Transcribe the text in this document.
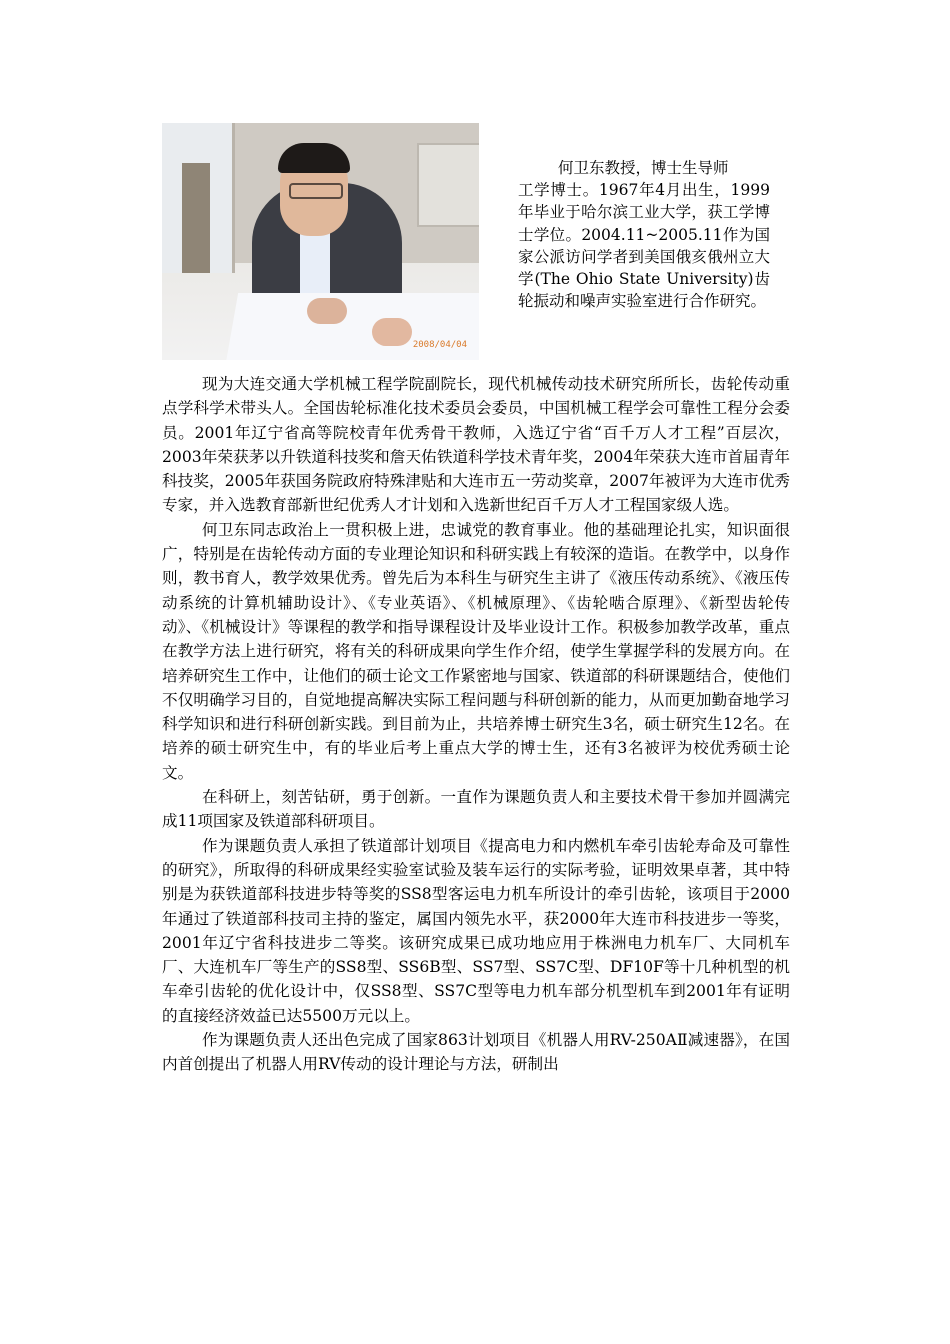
2008/04/04

何卫东教授，博士生导师

工学博士。1967年4月出生，1999年毕业于哈尔滨工业大学，获工学博士学位。2004.11~2005.11作为国家公派访问学者到美国俄亥俄州立大学(The Ohio State University)齿轮振动和噪声实验室进行合作研究。

现为大连交通大学机械工程学院副院长，现代机械传动技术研究所所长，齿轮传动重点学科学术带头人。全国齿轮标准化技术委员会委员，中国机械工程学会可靠性工程分会委员。2001年辽宁省高等院校青年优秀骨干教师，入选辽宁省“百千万人才工程”百层次，2003年荣获茅以升铁道科技奖和詹天佑铁道科学技术青年奖，2004年荣获大连市首届青年科技奖，2005年获国务院政府特殊津贴和大连市五一劳动奖章，2007年被评为大连市优秀专家，并入选教育部新世纪优秀人才计划和入选新世纪百千万人才工程国家级人选。

何卫东同志政治上一贯积极上进，忠诚党的教育事业。他的基础理论扎实，知识面很广，特别是在齿轮传动方面的专业理论知识和科研实践上有较深的造诣。在教学中，以身作则，教书育人，教学效果优秀。曾先后为本科生与研究生主讲了《液压传动系统》、《液压传动系统的计算机辅助设计》、《专业英语》、《机械原理》、《齿轮啮合原理》、《新型齿轮传动》、《机械设计》等课程的教学和指导课程设计及毕业设计工作。积极参加教学改革，重点在教学方法上进行研究，将有关的科研成果向学生作介绍，使学生掌握学科的发展方向。在培养研究生工作中，让他们的硕士论文工作紧密地与国家、铁道部的科研课题结合，使他们不仅明确学习目的，自觉地提高解决实际工程问题与科研创新的能力，从而更加勤奋地学习科学知识和进行科研创新实践。到目前为止，共培养博士研究生3名，硕士研究生12名。在培养的硕士研究生中，有的毕业后考上重点大学的博士生，还有3名被评为校优秀硕士论文。

在科研上，刻苦钻研，勇于创新。一直作为课题负责人和主要技术骨干参加并圆满完成11项国家及铁道部科研项目。

作为课题负责人承担了铁道部计划项目《提高电力和内燃机车牵引齿轮寿命及可靠性的研究》，所取得的科研成果经实验室试验及装车运行的实际考验，证明效果卓著，其中特别是为获铁道部科技进步特等奖的SS8型客运电力机车所设计的牵引齿轮，该项目于2000年通过了铁道部科技司主持的鉴定，属国内领先水平，获2000年大连市科技进步一等奖，2001年辽宁省科技进步二等奖。该研究成果已成功地应用于株洲电力机车厂、大同机车厂、大连机车厂等生产的SS8型、SS6B型、SS7型、SS7C型、DF10F等十几种机型的机车牵引齿轮的优化设计中，仅SS8型、SS7C型等电力机车部分机型机车到2001年有证明的直接经济效益已达5500万元以上。

作为课题负责人还出色完成了国家863计划项目《机器人用RV-250AⅡ减速器》，在国内首创提出了机器人用RV传动的设计理论与方法，研制出
